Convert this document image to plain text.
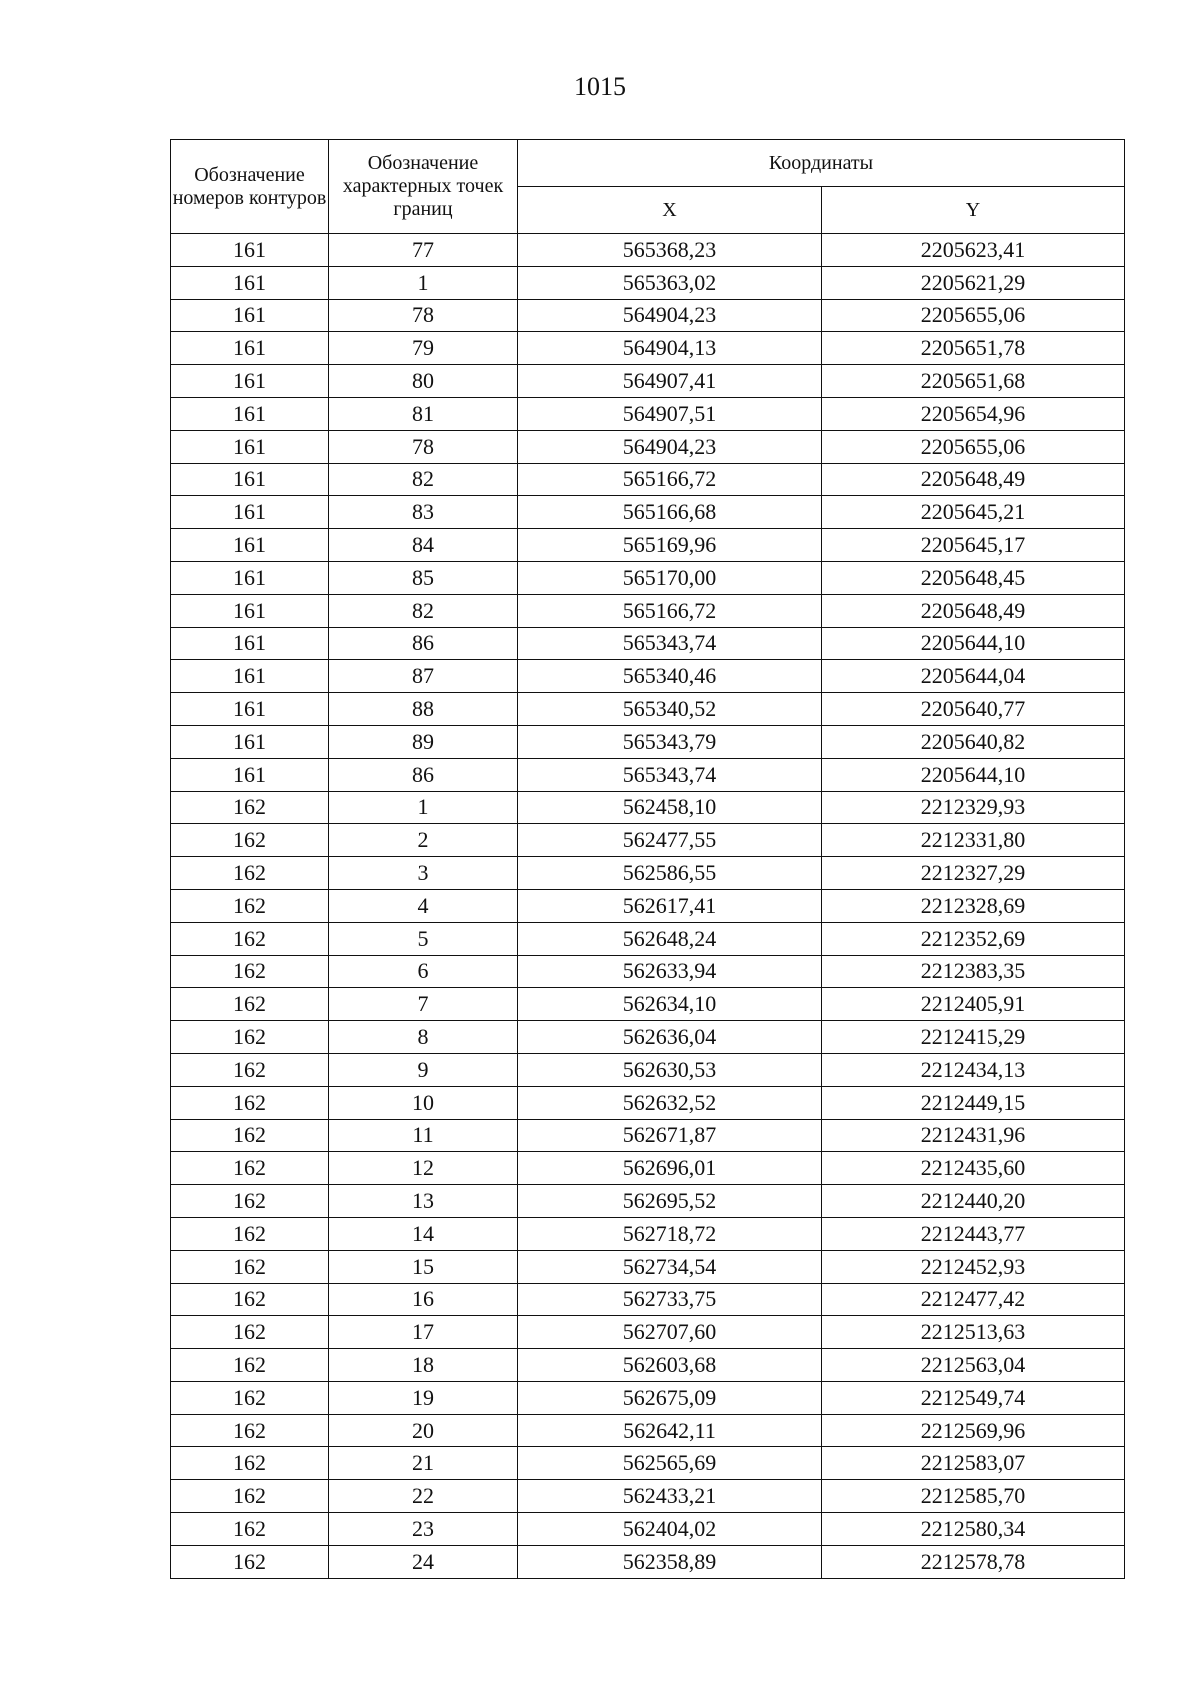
1015
Обозначение номеров контуров	Обозначение характерных точек границ	Координаты	
		X	Y
161	77	565368,23	2205623,41
161	1	565363,02	2205621,29
161	78	564904,23	2205655,06
161	79	564904,13	2205651,78
161	80	564907,41	2205651,68
161	81	564907,51	2205654,96
161	78	564904,23	2205655,06
161	82	565166,72	2205648,49
161	83	565166,68	2205645,21
161	84	565169,96	2205645,17
161	85	565170,00	2205648,45
161	82	565166,72	2205648,49
161	86	565343,74	2205644,10
161	87	565340,46	2205644,04
161	88	565340,52	2205640,77
161	89	565343,79	2205640,82
161	86	565343,74	2205644,10
162	1	562458,10	2212329,93
162	2	562477,55	2212331,80
162	3	562586,55	2212327,29
162	4	562617,41	2212328,69
162	5	562648,24	2212352,69
162	6	562633,94	2212383,35
162	7	562634,10	2212405,91
162	8	562636,04	2212415,29
162	9	562630,53	2212434,13
162	10	562632,52	2212449,15
162	11	562671,87	2212431,96
162	12	562696,01	2212435,60
162	13	562695,52	2212440,20
162	14	562718,72	2212443,77
162	15	562734,54	2212452,93
162	16	562733,75	2212477,42
162	17	562707,60	2212513,63
162	18	562603,68	2212563,04
162	19	562675,09	2212549,74
162	20	562642,11	2212569,96
162	21	562565,69	2212583,07
162	22	562433,21	2212585,70
162	23	562404,02	2212580,34
162	24	562358,89	2212578,78
